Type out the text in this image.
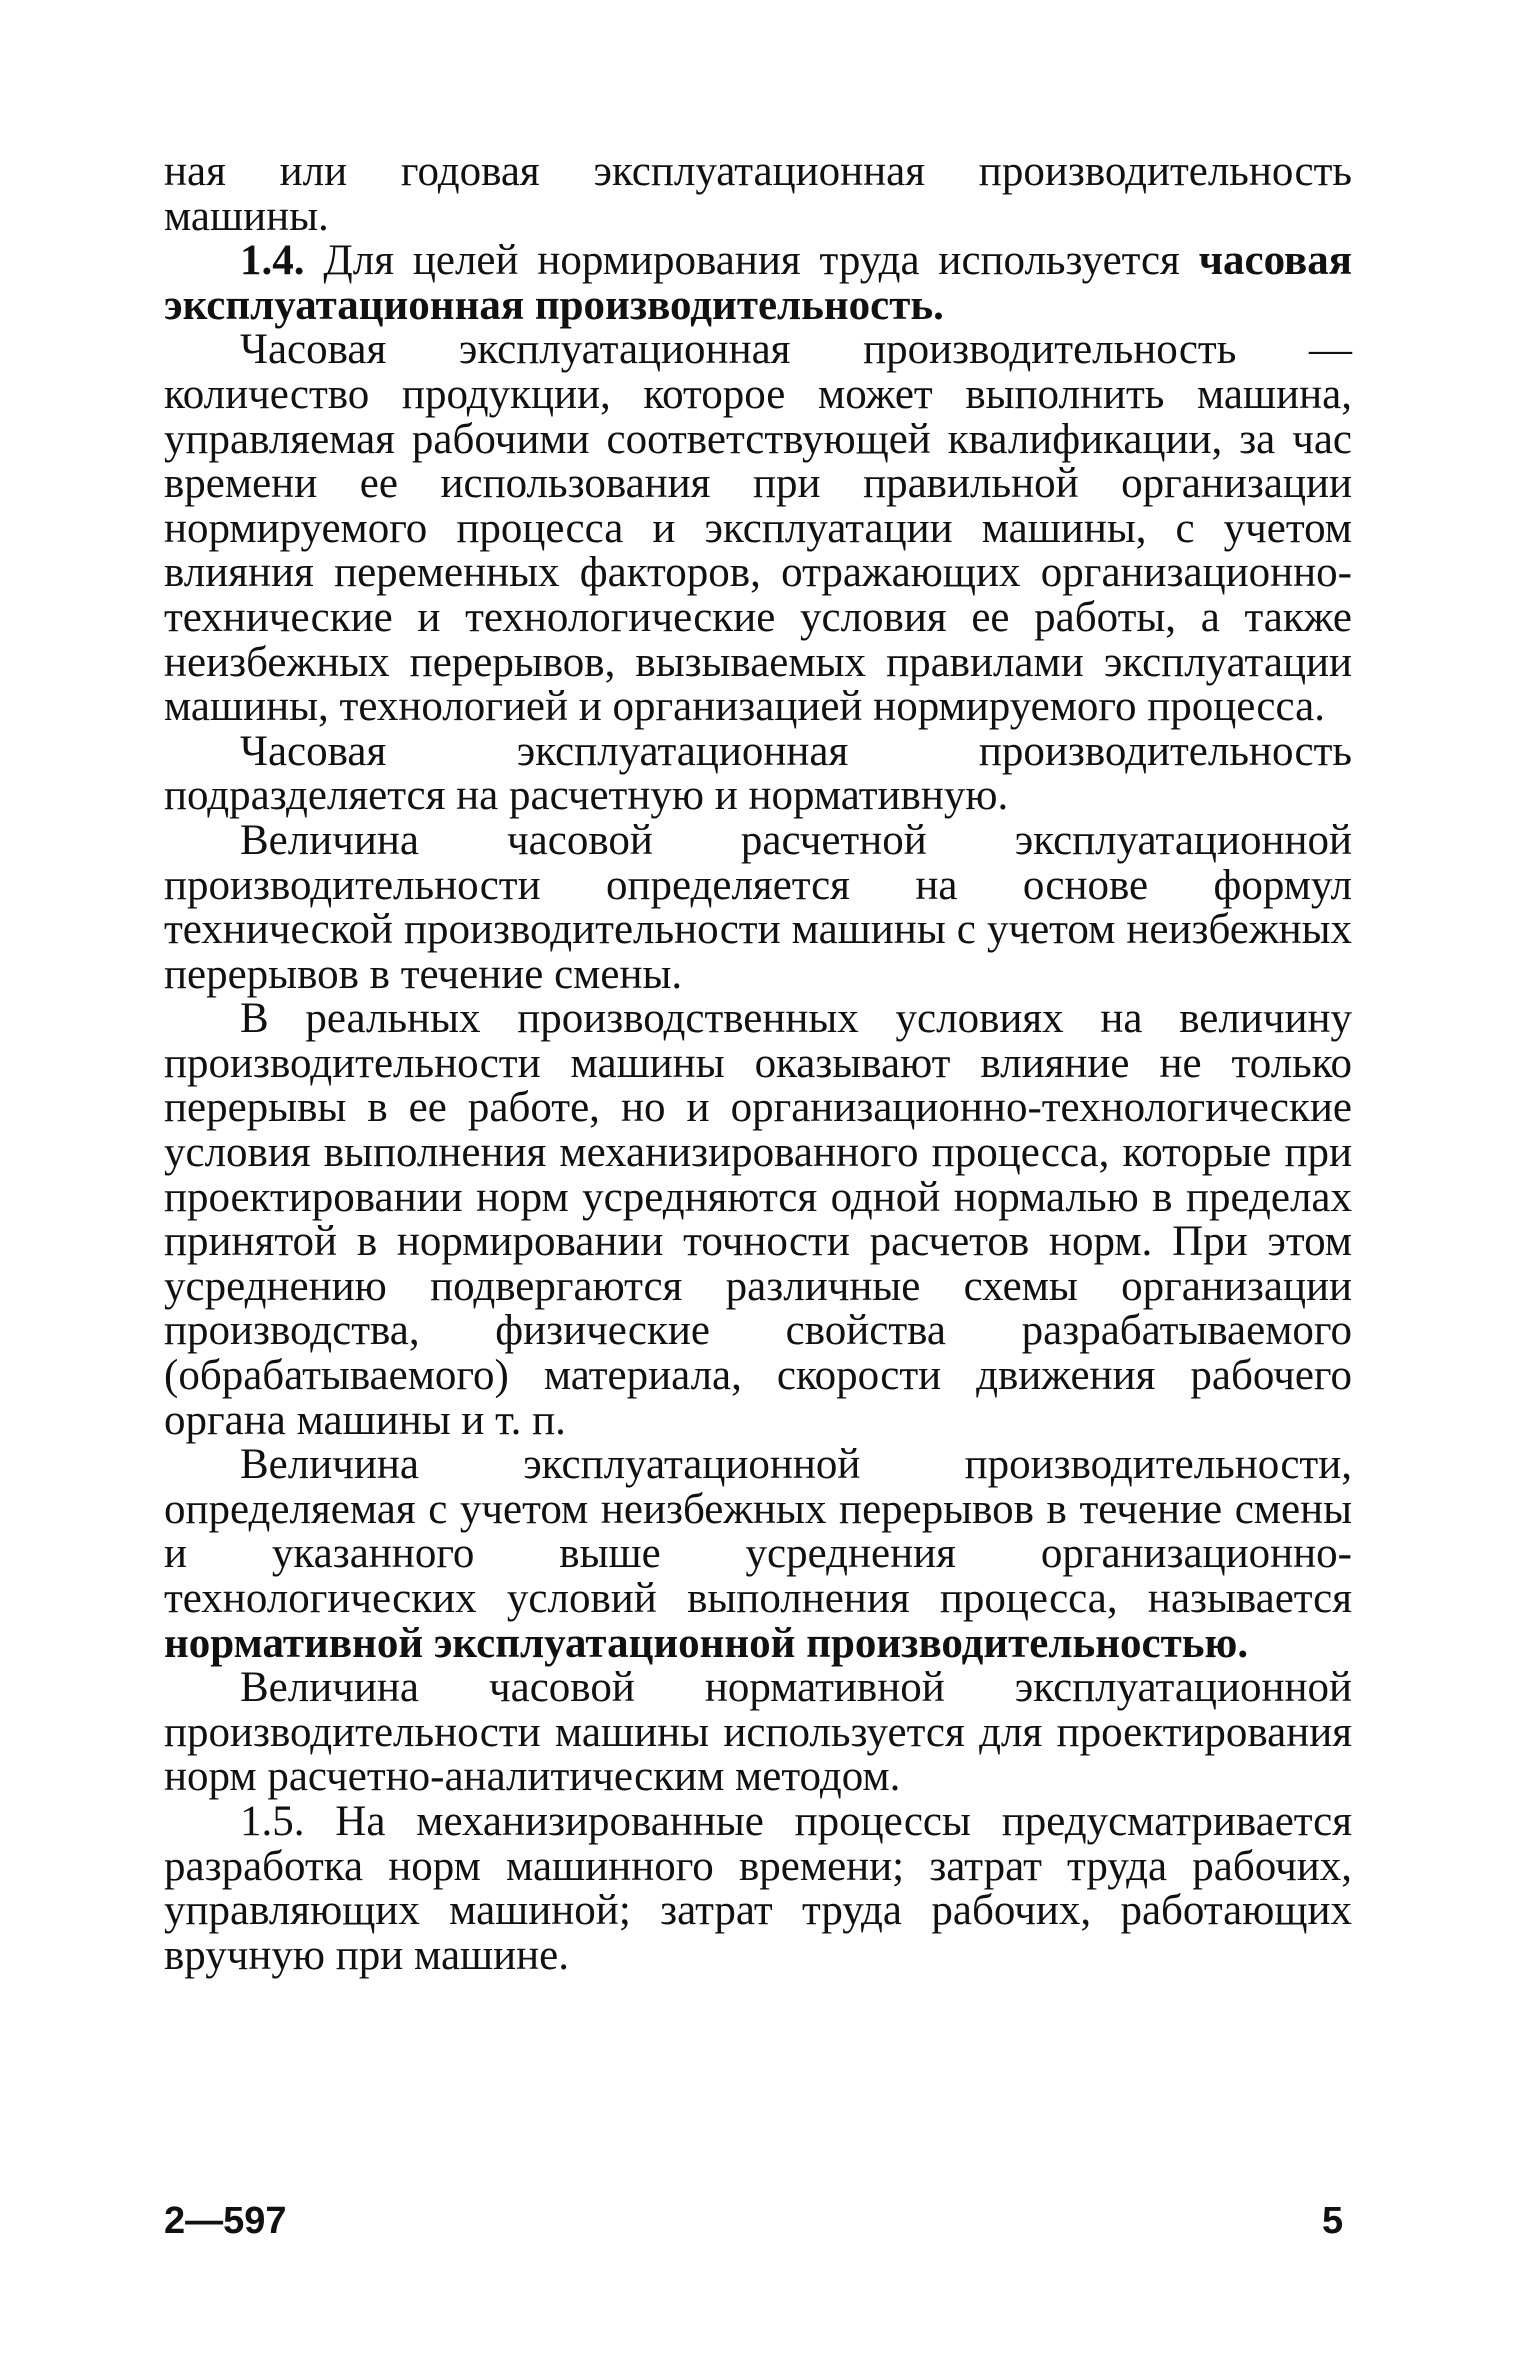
ная или годовая эксплуатационная производительность машины.

1.4. Для целей нормирования труда используется часовая эксплуатационная производительность.

Часовая эксплуатационная производительность — количество продукции, которое может выполнить машина, управляемая рабочими соответствующей квалификации, за час времени ее использования при правильной организации нормируемого процесса и эксплуатации машины, с учетом влияния переменных факторов, отражающих организационно-технические и технологические условия ее работы, а также неизбежных перерывов, вызываемых правилами эксплуатации машины, технологией и организацией нормируемого процесса.

Часовая эксплуатационная производительность подразделяется на расчетную и нормативную.

Величина часовой расчетной эксплуатационной производительности определяется на основе формул технической производительности машины с учетом неизбежных перерывов в течение смены.

В реальных производственных условиях на величину производительности машины оказывают влияние не только перерывы в ее работе, но и организационно-технологические условия выполнения механизированного процесса, которые при проектировании норм усредняются одной нормалью в пределах принятой в нормировании точности расчетов норм. При этом усреднению подвергаются различные схемы организации производства, физические свойства разрабатываемого (обрабатываемого) материала, скорости движения рабочего органа машины и т. п.

Величина эксплуатационной производительности, определяемая с учетом неизбежных перерывов в течение смены и указанного выше усреднения организационно-технологических условий выполнения процесса, называется нормативной эксплуатационной производительностью.

Величина часовой нормативной эксплуатационной производительности машины используется для проектирования норм расчетно-аналитическим методом.

1.5. На механизированные процессы предусматривается разработка норм машинного времени; затрат труда рабочих, управляющих машиной; затрат труда рабочих, работающих вручную при машине.

2—597	5
